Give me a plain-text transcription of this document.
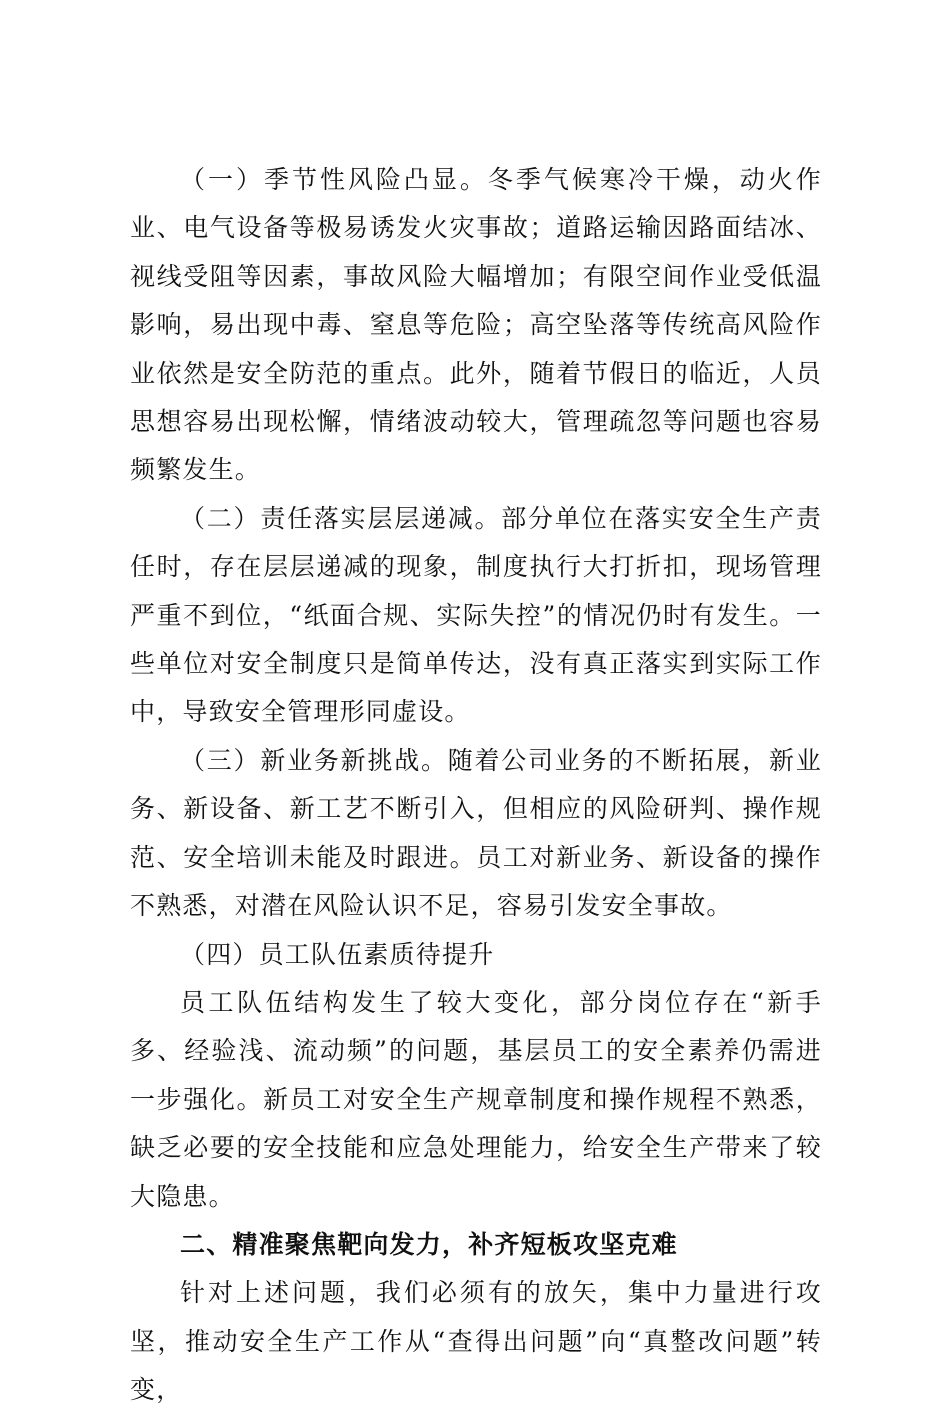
（一）季节性风险凸显。冬季气候寒冷干燥，动火作业、电气设备等极易诱发火灾事故；道路运输因路面结冰、视线受阻等因素，事故风险大幅增加；有限空间作业受低温影响，易出现中毒、窒息等危险；高空坠落等传统高风险作业依然是安全防范的重点。此外，随着节假日的临近，人员思想容易出现松懈，情绪波动较大，管理疏忽等问题也容易频繁发生。

（二）责任落实层层递减。部分单位在落实安全生产责任时，存在层层递减的现象，制度执行大打折扣，现场管理严重不到位，“纸面合规、实际失控”的情况仍时有发生。一些单位对安全制度只是简单传达，没有真正落实到实际工作中，导致安全管理形同虚设。

（三）新业务新挑战。随着公司业务的不断拓展，新业务、新设备、新工艺不断引入，但相应的风险研判、操作规范、安全培训未能及时跟进。员工对新业务、新设备的操作不熟悉，对潜在风险认识不足，容易引发安全事故。

（四）员工队伍素质待提升

员工队伍结构发生了较大变化，部分岗位存在“新手多、经验浅、流动频”的问题，基层员工的安全素养仍需进一步强化。新员工对安全生产规章制度和操作规程不熟悉，缺乏必要的安全技能和应急处理能力，给安全生产带来了较大隐患。

二、精准聚焦靶向发力，补齐短板攻坚克难

针对上述问题，我们必须有的放矢，集中力量进行攻坚，推动安全生产工作从“查得出问题”向“真整改问题”转变，
